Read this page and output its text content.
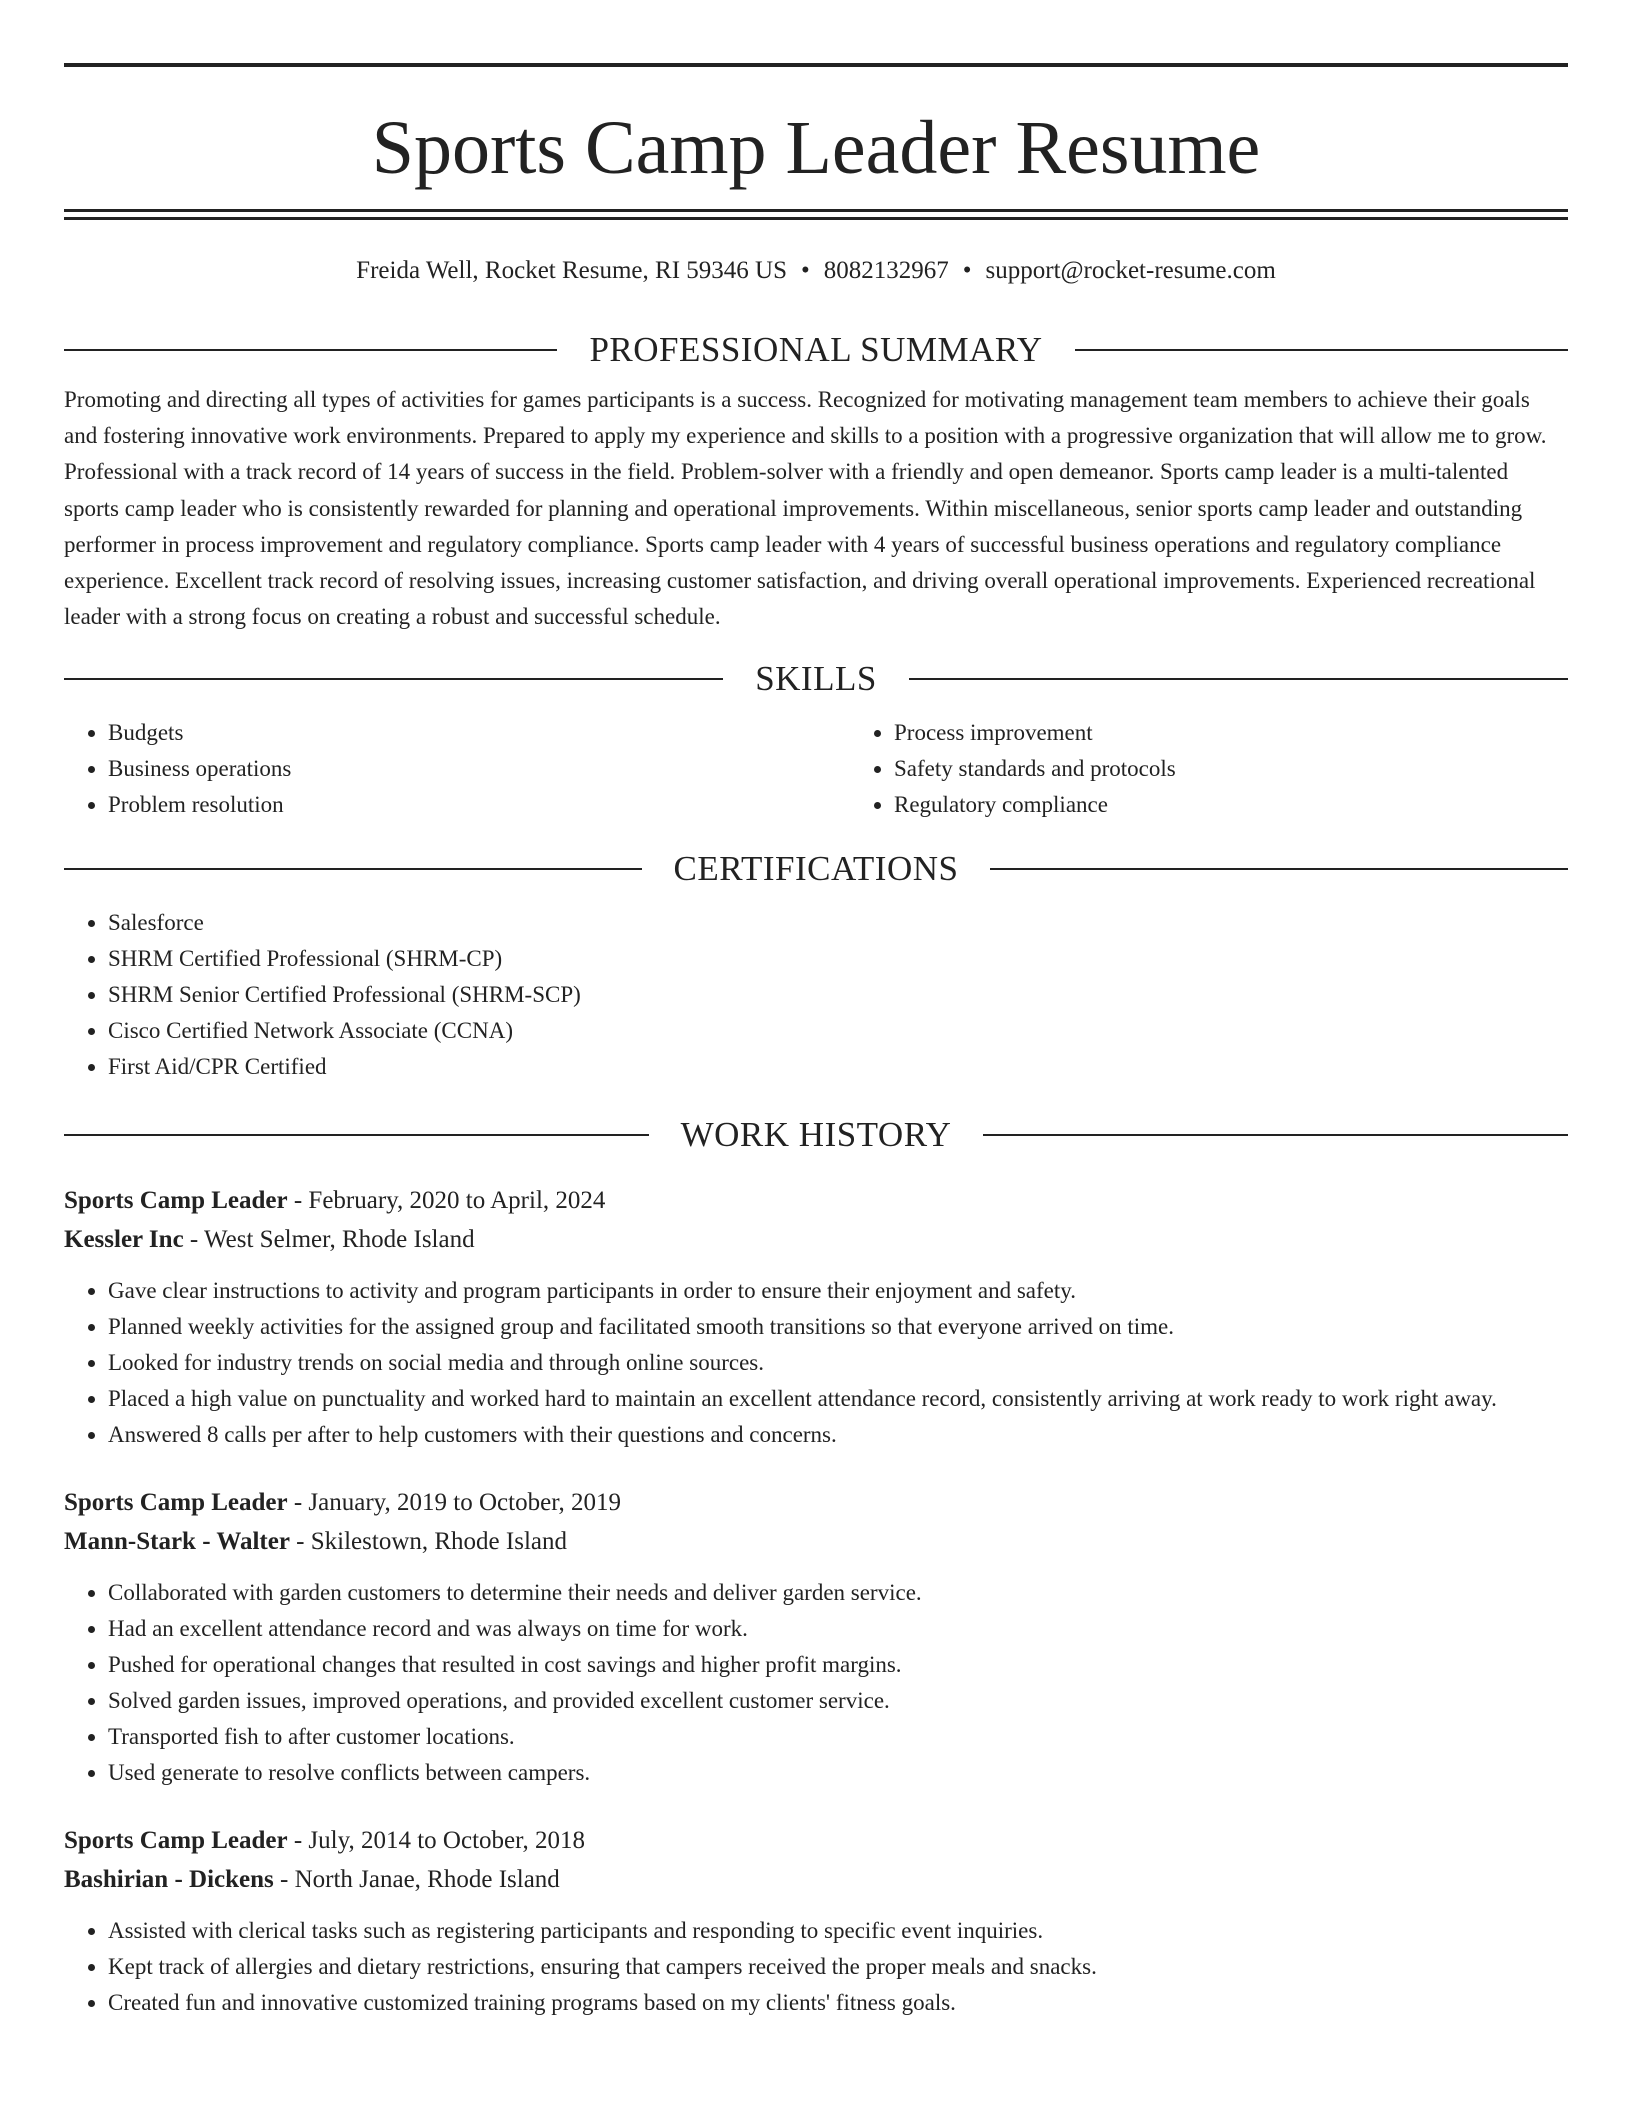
Sports Camp Leader Resume
Freida Well, Rocket Resume, RI 59346 US • 8082132967 • support@rocket-resume.com
PROFESSIONAL SUMMARY

Promoting and directing all types of activities for games participants is a success. Recognized for motivating management team members to achieve their goals and fostering innovative work environments. Prepared to apply my experience and skills to a position with a progressive organization that will allow me to grow. Professional with a track record of 14 years of success in the field. Problem-solver with a friendly and open demeanor. Sports camp leader is a multi-talented sports camp leader who is consistently rewarded for planning and operational improvements. Within miscellaneous, senior sports camp leader and outstanding performer in process improvement and regulatory compliance. Sports camp leader with 4 years of successful business operations and regulatory compliance experience. Excellent track record of resolving issues, increasing customer satisfaction, and driving overall operational improvements. Experienced recreational leader with a strong focus on creating a robust and successful schedule.

SKILLS
• Budgets
• Business operations
• Problem resolution
• Process improvement
• Safety standards and protocols
• Regulatory compliance
CERTIFICATIONS
• Salesforce
• SHRM Certified Professional (SHRM-CP)
• SHRM Senior Certified Professional (SHRM-SCP)
• Cisco Certified Network Associate (CCNA)
• First Aid/CPR Certified
WORK HISTORY
Sports Camp Leader - February, 2020 to April, 2024
Kessler Inc - West Selmer, Rhode Island
• Gave clear instructions to activity and program participants in order to ensure their enjoyment and safety.
• Planned weekly activities for the assigned group and facilitated smooth transitions so that everyone arrived on time.
• Looked for industry trends on social media and through online sources.
• Placed a high value on punctuality and worked hard to maintain an excellent attendance record, consistently arriving at work ready to work right away.
• Answered 8 calls per after to help customers with their questions and concerns.
Sports Camp Leader - January, 2019 to October, 2019
Mann-Stark - Walter - Skilestown, Rhode Island
• Collaborated with garden customers to determine their needs and deliver garden service.
• Had an excellent attendance record and was always on time for work.
• Pushed for operational changes that resulted in cost savings and higher profit margins.
• Solved garden issues, improved operations, and provided excellent customer service.
• Transported fish to after customer locations.
• Used generate to resolve conflicts between campers.
Sports Camp Leader - July, 2014 to October, 2018
Bashirian - Dickens - North Janae, Rhode Island
• Assisted with clerical tasks such as registering participants and responding to specific event inquiries.
• Kept track of allergies and dietary restrictions, ensuring that campers received the proper meals and snacks.
• Created fun and innovative customized training programs based on my clients' fitness goals.
